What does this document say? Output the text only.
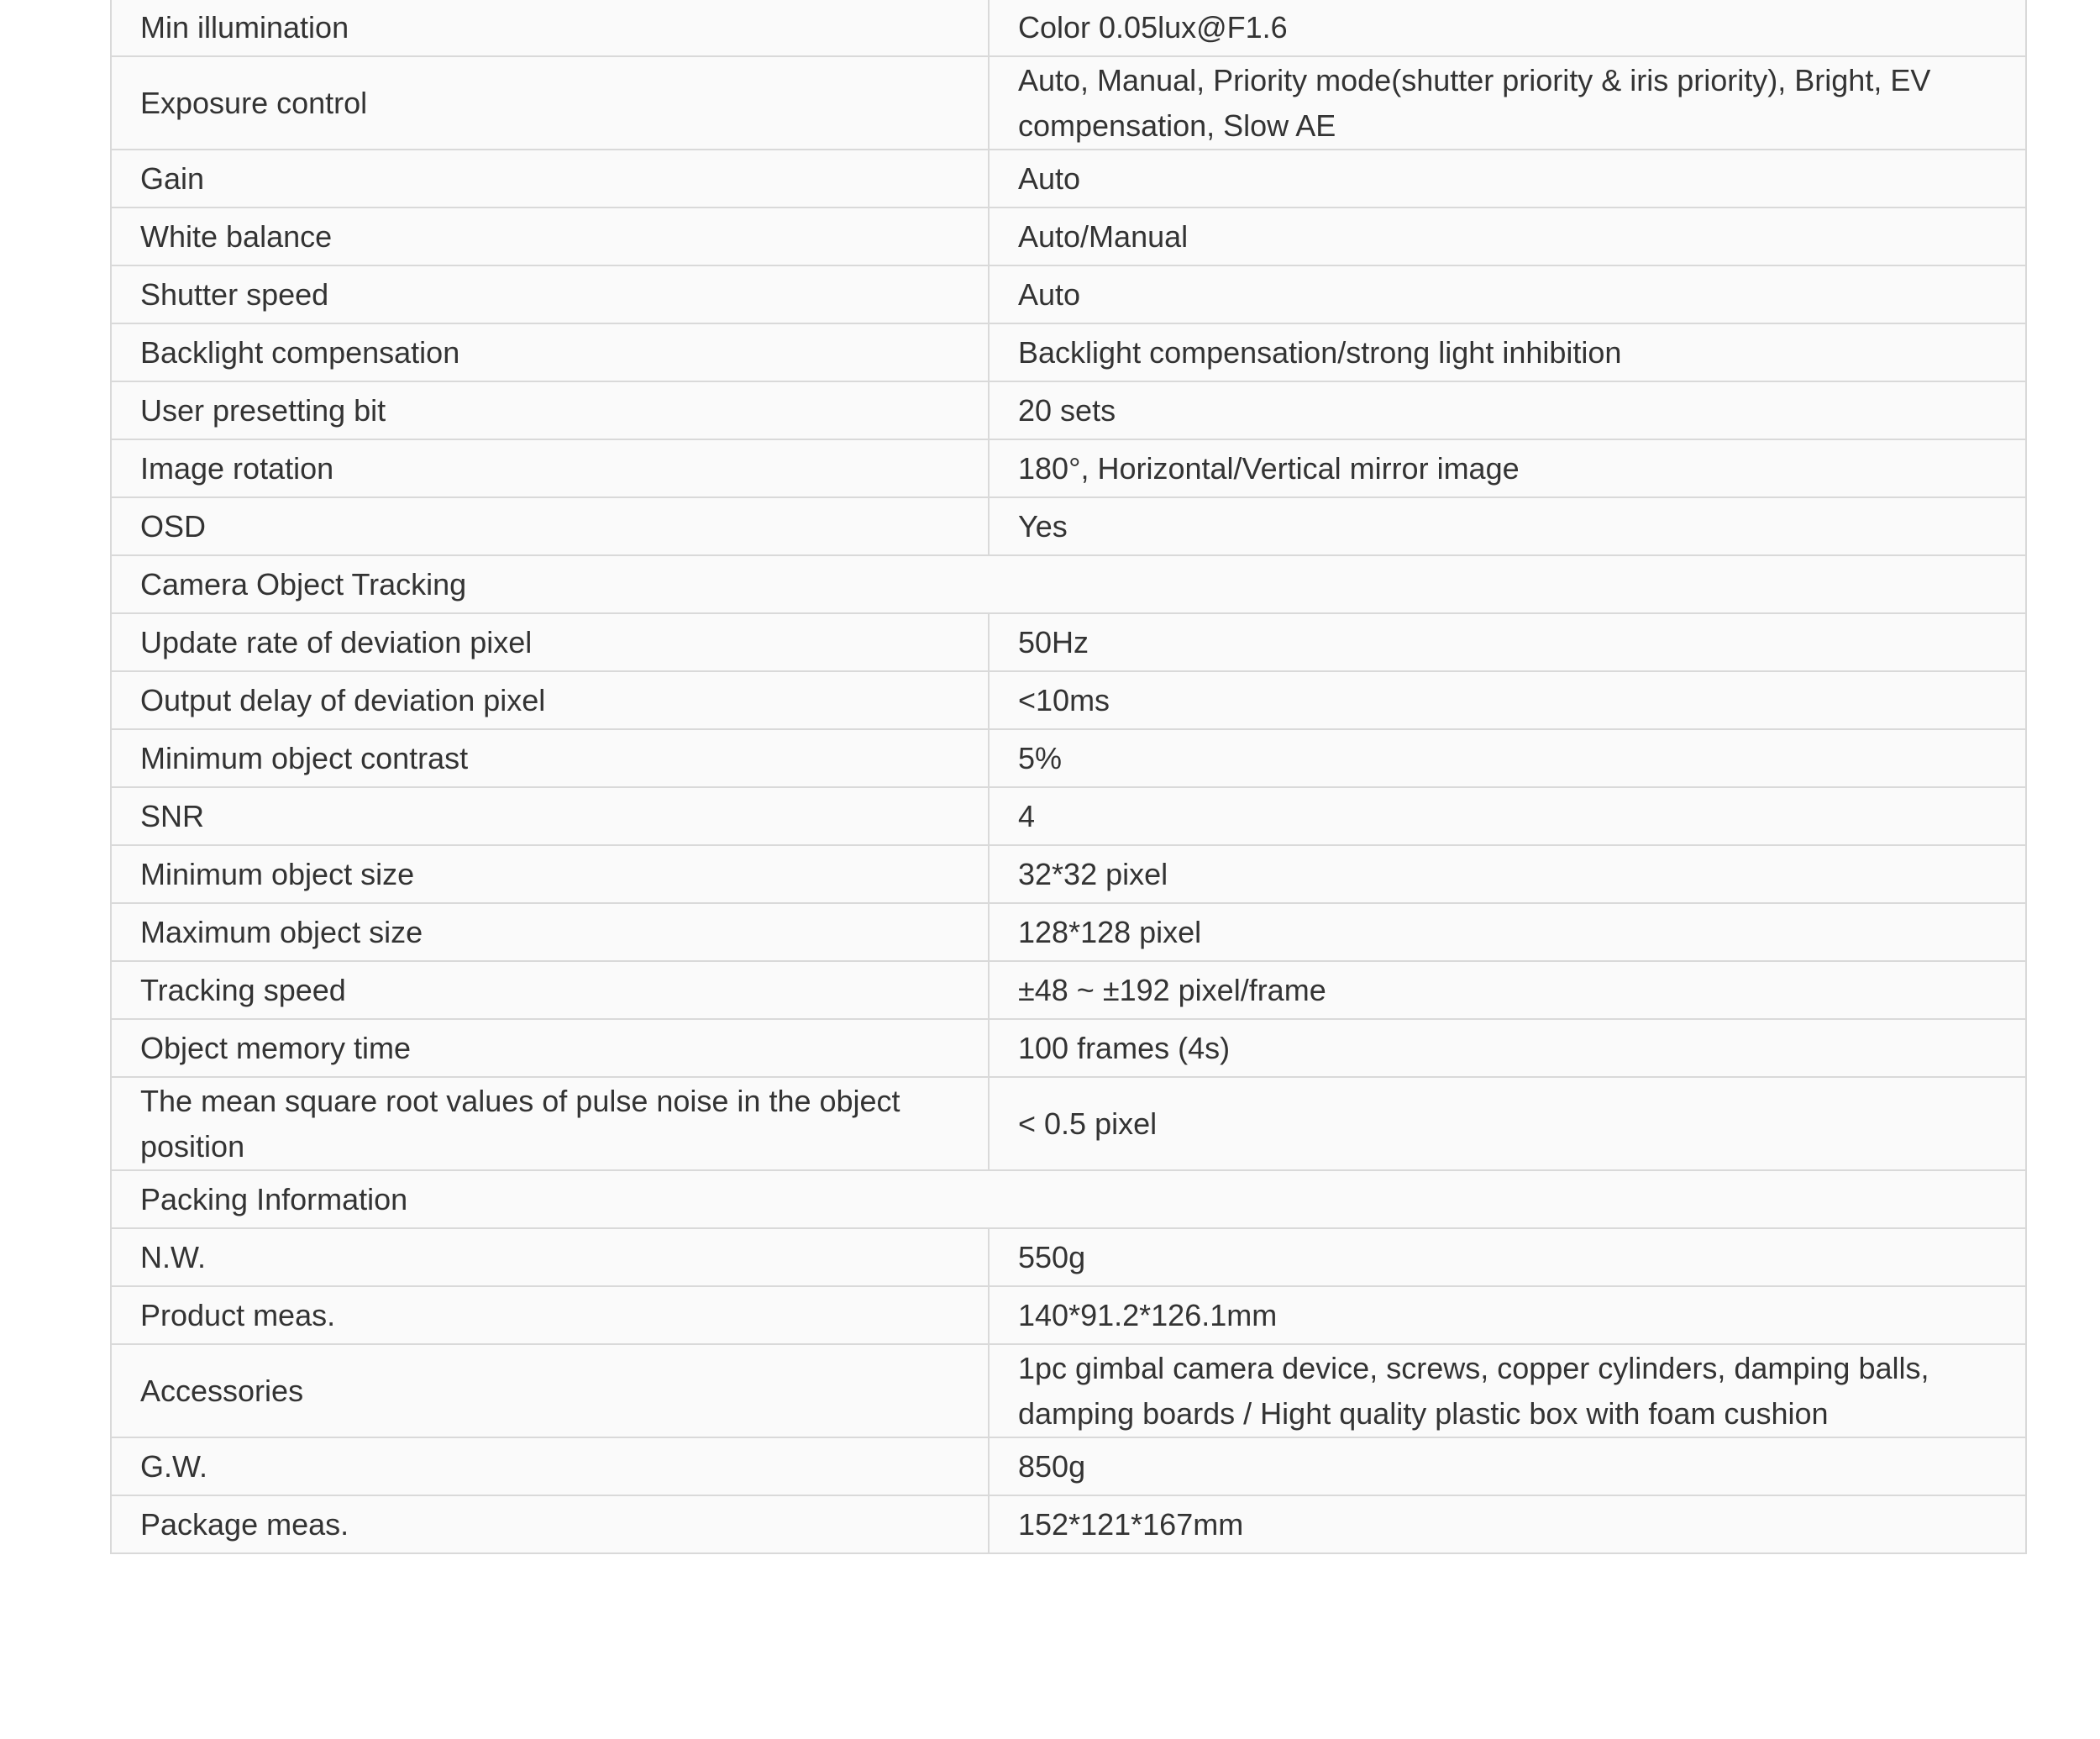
Min illumination	Color 0.05lux@F1.6
Exposure control	Auto, Manual, Priority mode(shutter priority & iris priority), Bright, EV compensation, Slow AE
Gain	Auto
White balance	Auto/Manual
Shutter speed	Auto
Backlight compensation	Backlight compensation/strong light inhibition
User presetting bit	20 sets
Image rotation	180°, Horizontal/Vertical mirror image
OSD	Yes
Camera Object Tracking	
Update rate of deviation pixel	50Hz
Output delay of deviation pixel	<10ms
Minimum object contrast	5%
SNR	4
Minimum object size	32*32 pixel
Maximum object size	128*128 pixel
Tracking speed	±48 ~ ±192 pixel/frame
Object memory time	100 frames (4s)
The mean square root values of pulse noise in the object position	< 0.5 pixel
Packing Information	
N.W.	550g
Product meas.	140*91.2*126.1mm
Accessories	1pc gimbal camera device, screws, copper cylinders, damping balls, damping boards / Hight quality plastic box with foam cushion
G.W.	850g
Package meas.	152*121*167mm
